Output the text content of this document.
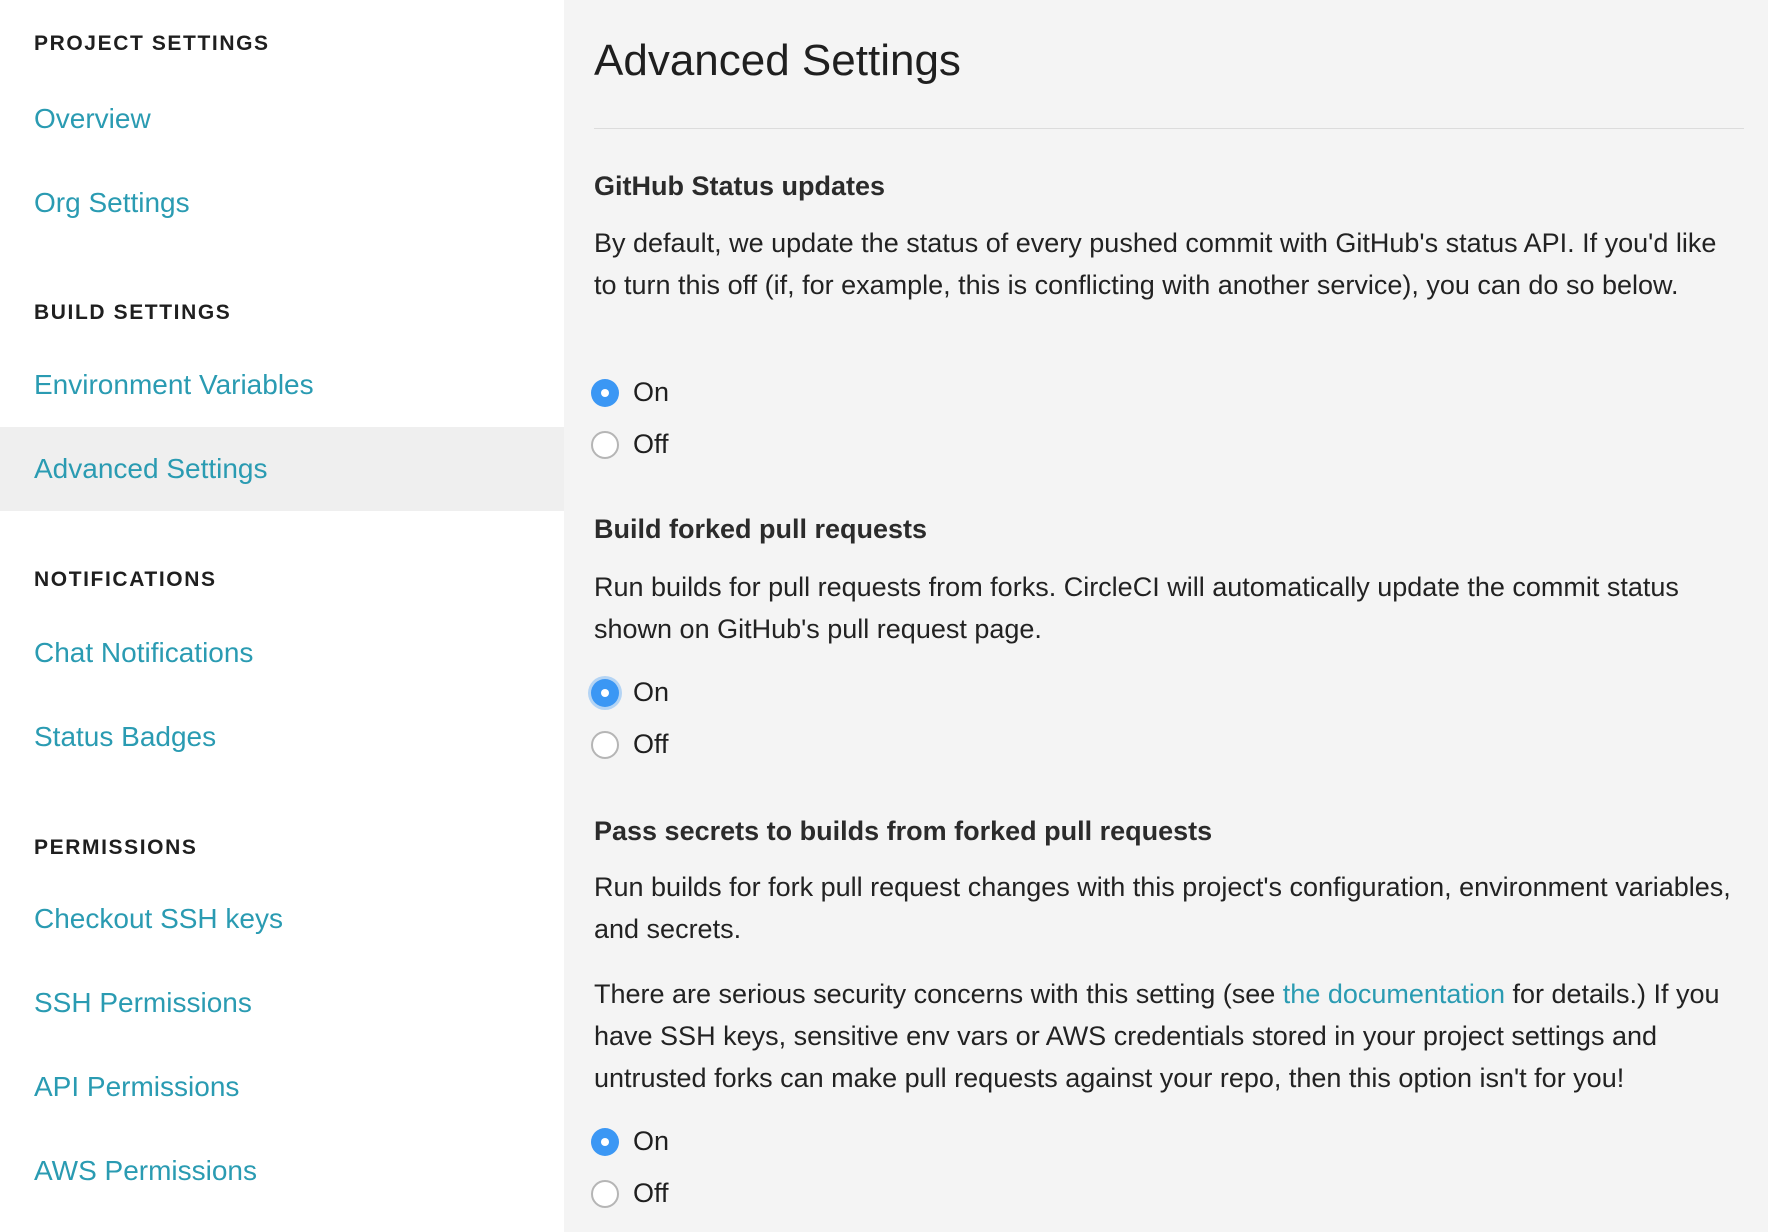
PROJECT SETTINGS
Overview
Org Settings
BUILD SETTINGS
Environment Variables
Advanced Settings
NOTIFICATIONS
Chat Notifications
Status Badges
PERMISSIONS
Checkout SSH keys
SSH Permissions
API Permissions
AWS Permissions
Advanced Settings
GitHub Status updates
By default, we update the status of every pushed commit with GitHub's status API. If you'd like to turn this off (if, for example, this is conflicting with another service), you can do so below.
On
Off
Build forked pull requests
Run builds for pull requests from forks. CircleCI will automatically update the commit status shown on GitHub's pull request page.
On
Off
Pass secrets to builds from forked pull requests
Run builds for fork pull request changes with this project's configuration, environment variables, and secrets.
There are serious security concerns with this setting (see the documentation for details.) If you have SSH keys, sensitive env vars or AWS credentials stored in your project settings and untrusted forks can make pull requests against your repo, then this option isn't for you!
On
Off
